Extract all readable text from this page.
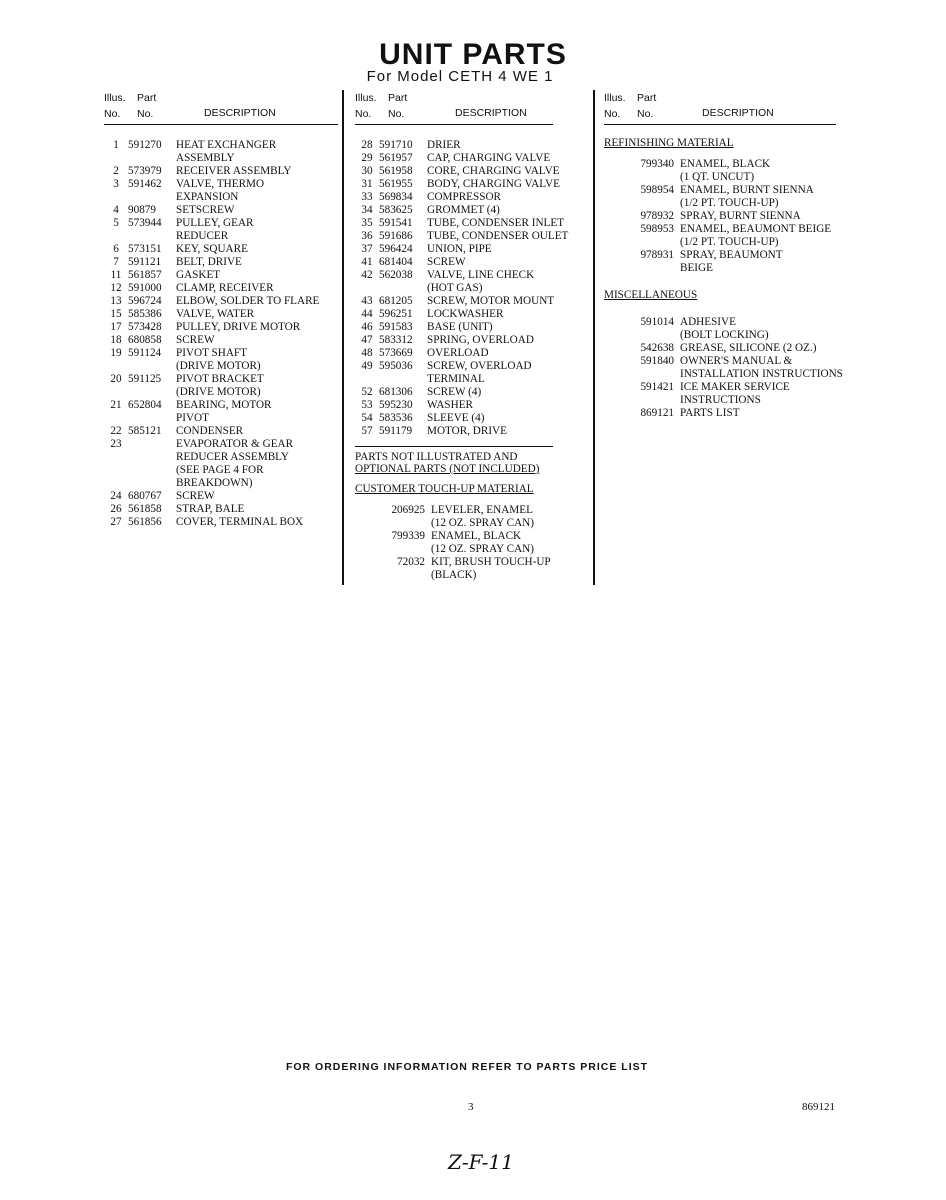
UNIT PARTS
For Model CETH 4 WE 1
Illus.
No.
Part
No.	DESCRIPTION
1 591270	HEAT EXCHANGER
ASSEMBLY
2 573979	RECEIVER ASSEMBLY
3 591462	VALVE, THERMO
EXPANSION
4 90879	SETSCREW
5 573944	PULLEY, GEAR
REDUCER
6 573151	KEY, SQUARE
7 591121	BELT, DRIVE
11 561857	GASKET
12 591000	CLAMP, RECEIVER
13 596724	ELBOW, SOLDER TO FLARE
15 585386	VALVE, WATER
17 573428	PULLEY, DRIVE MOTOR
18 680858	SCREW
19 591124	PIVOT SHAFT
(DRIVE MOTOR)
20 591125	PIVOT BRACKET
(DRIVE MOTOR)
21 652804	BEARING, MOTOR
PIVOT
22 585121	CONDENSER
23	EVAPORATOR & GEAR
REDUCER ASSEMBLY
(SEE PAGE 4 FOR
BREAKDOWN)
24 680767	SCREW
26 561858	STRAP, BALE
27 561856	COVER, TERMINAL BOX
Illus.
No.
Part
No.	DESCRIPTION
28 591710	DRIER
29 561957	CAP, CHARGING VALVE
30 561958	CORE, CHARGING VALVE
31 561955	BODY, CHARGING VALVE
33 569834	COMPRESSOR
34 583625	GROMMET (4)
35 591541	TUBE, CONDENSER INLET
36 591686	TUBE, CONDENSER OULET
37 596424	UNION, PIPE
41 681404	SCREW
42 562038	VALVE, LINE CHECK
(HOT GAS)
43 681205	SCREW, MOTOR MOUNT
44 596251	LOCKWASHER
46 591583	BASE (UNIT)
47 583312	SPRING, OVERLOAD
48 573669	OVERLOAD
49 595036	SCREW, OVERLOAD
TERMINAL
52 681306	SCREW (4)
53 595230	WASHER
54 583536	SLEEVE (4)
57 591179	MOTOR, DRIVE
PARTS NOT ILLUSTRATED AND
OPTIONAL PARTS (NOT INCLUDED)
CUSTOMER TOUCH-UP MATERIAL
206925 LEVELER, ENAMEL
(12 OZ. SPRAY CAN)
799339 ENAMEL, BLACK
(12 OZ. SPRAY CAN)
72032 KIT, BRUSH TOUCH-UP
(BLACK)
Illus.
No.
Part
No.	DESCRIPTION
REFINISHING MATERIAL
799340 ENAMEL, BLACK
(1 QT. UNCUT)
598954 ENAMEL, BURNT SIENNA
(1/2 PT. TOUCH-UP)
978932 SPRAY, BURNT SIENNA
598953 ENAMEL, BEAUMONT BEIGE
(1/2 PT. TOUCH-UP)
978931 SPRAY, BEAUMONT
BEIGE
MISCELLANEOUS
591014 ADHESIVE
(BOLT LOCKING)
542638 GREASE, SILICONE (2 OZ.)
591840 OWNER'S MANUAL &
INSTALLATION INSTRUCTIONS
591421 ICE MAKER SERVICE
INSTRUCTIONS
869121 PARTS LIST
FOR ORDERING INFORMATION REFER TO PARTS PRICE LIST
3	869121
Z-F-11
